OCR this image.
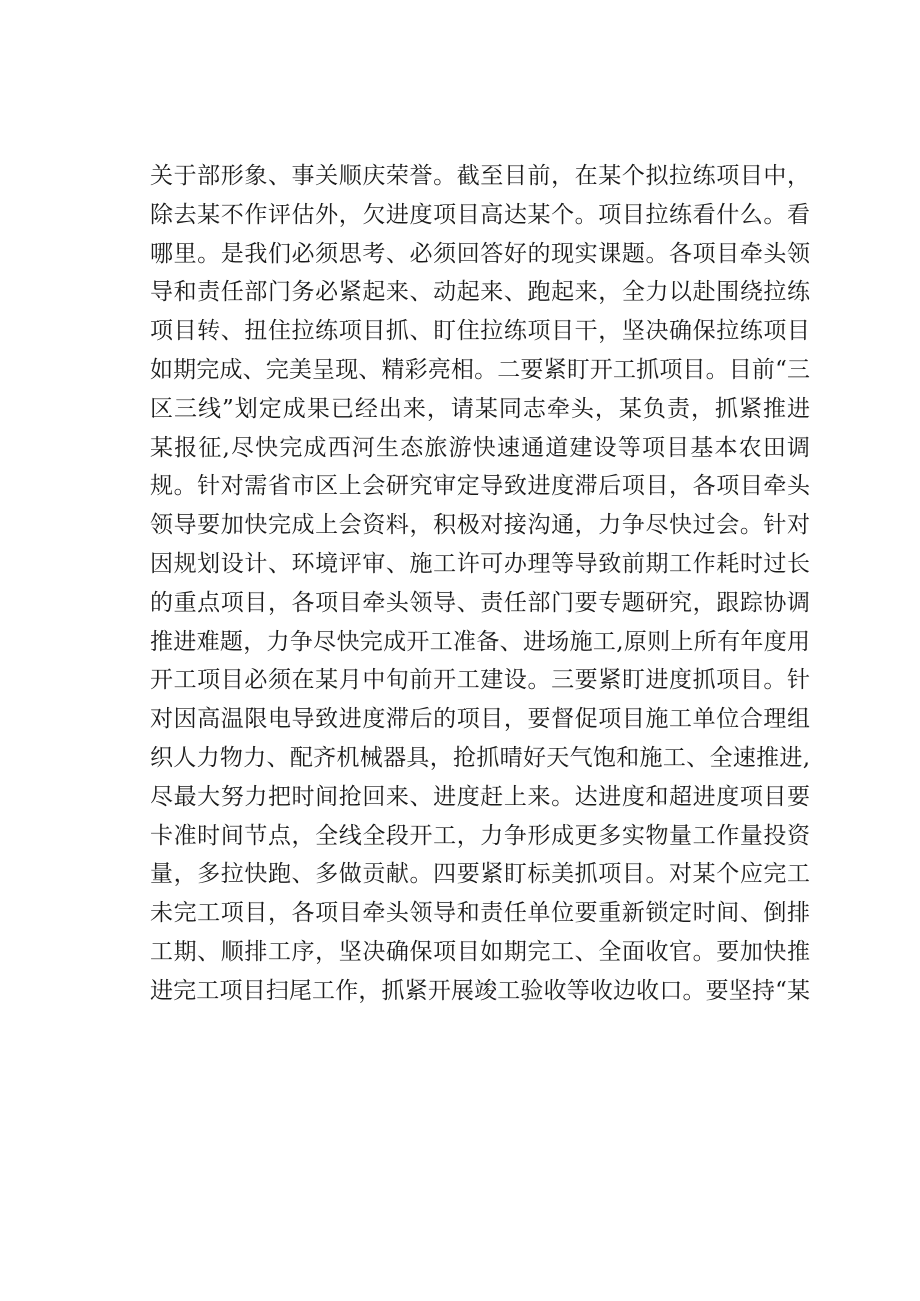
关于部形象、事关顺庆荣誉。截至目前，在某个拟拉练项目中，
除去某不作评估外，欠进度项目高达某个。项目拉练看什么。看
哪里。是我们必须思考、必须回答好的现实课题。各项目牵头领
导和责任部门务必紧起来、动起来、跑起来，全力以赴围绕拉练
项目转、扭住拉练项目抓、盯住拉练项目干，坚决确保拉练项目
如期完成、完美呈现、精彩亮相。二要紧盯开工抓项目。目前“三
区三线”划定成果已经出来，请某同志牵头，某负责，抓紧推进
某报征,尽快完成西河生态旅游快速通道建设等项目基本农田调
规。针对需省市区上会研究审定导致进度滞后项目，各项目牵头
领导要加快完成上会资料，积极对接沟通，力争尽快过会。针对
因规划设计、环境评审、施工许可办理等导致前期工作耗时过长
的重点项目，各项目牵头领导、责任部门要专题研究，跟踪协调
推进难题，力争尽快完成开工准备、进场施工,原则上所有年度用
开工项目必须在某月中旬前开工建设。三要紧盯进度抓项目。针
对因高温限电导致进度滞后的项目，要督促项目施工单位合理组
织人力物力、配齐机械器具，抢抓晴好天气饱和施工、全速推进,
尽最大努力把时间抢回来、进度赶上来。达进度和超进度项目要
卡准时间节点，全线全段开工，力争形成更多实物量工作量投资
量，多拉快跑、多做贡献。四要紧盯标美抓项目。对某个应完工
未完工项目，各项目牵头领导和责任单位要重新锁定时间、倒排
工期、顺排工序，坚决确保项目如期完工、全面收官。要加快推
进完工项目扫尾工作，抓紧开展竣工验收等收边收口。要坚持“某
